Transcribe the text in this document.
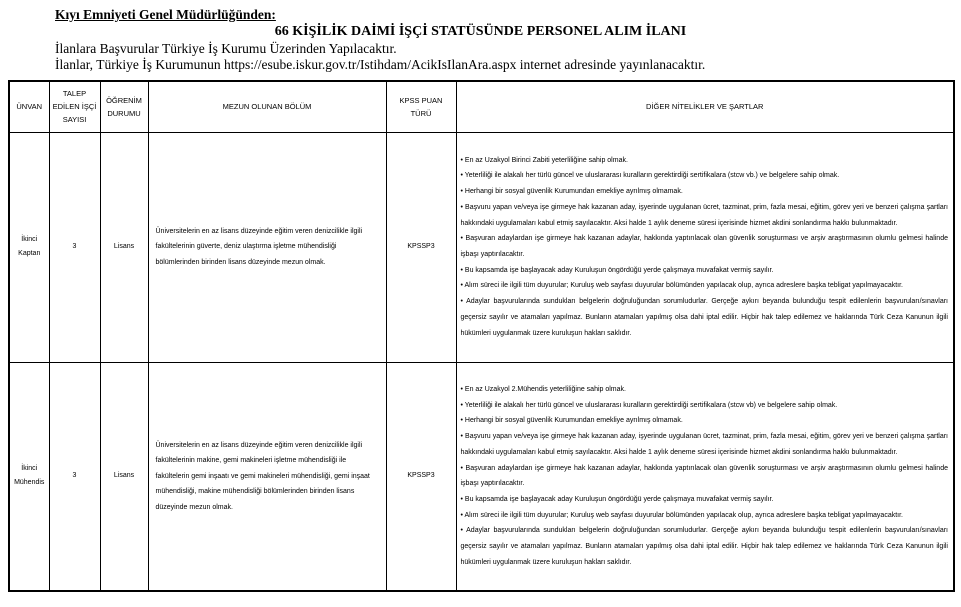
Kıyı Emniyeti Genel Müdürlüğünden:
66 KİŞİLİK DAİMİ İŞÇİ STATÜSÜNDE PERSONEL ALIM İLANI
İlanlara Başvurular Türkiye İş Kurumu Üzerinden Yapılacaktır.
İlanlar, Türkiye İş Kurumunun https://esube.iskur.gov.tr/Istihdam/AcikIsIlanAra.aspx internet adresinde yayınlanacaktır.
ÜNVAN	TALEP EDİLEN İŞÇİ SAYISI	ÖĞRENİM DURUMU	MEZUN OLUNAN BÖLÜM	KPSS PUAN TÜRÜ	DİĞER NİTELİKLER VE ŞARTLAR
İkinci Kaptan	3	Lisans	Üniversitelerin en az lisans düzeyinde eğitim veren denizcilikle ilgili fakültelerinin güverte, deniz ulaştırma işletme mühendisliği bölümlerinden birinden lisans düzeyinde mezun olmak.	KPSSP3	
• En az Uzakyol Birinci Zabiti yeterliliğine sahip olmak.
• Yeterliliği ile alakalı her türlü güncel ve uluslararası kuralların gerektirdiği sertifikalara (stcw vb.) ve belgelere sahip olmak.
• Herhangi bir sosyal güvenlik Kurumundan emekliye ayrılmış olmamak.
• Başvuru yapan ve/veya işe girmeye hak kazanan aday, işyerinde uygulanan ücret, tazminat, prim, fazla mesai, eğitim, görev yeri ve benzeri çalışma şartları hakkındaki uygulamaları kabul etmiş sayılacaktır. Aksi halde 1 aylık deneme süresi içerisinde hizmet akdini sonlandırma hakkı bulunmaktadır.
• Başvuran adaylardan işe girmeye hak kazanan adaylar, hakkında yaptırılacak olan güvenlik soruşturması ve arşiv araştırmasının olumlu gelmesi halinde işbaşı yaptırılacaktır.
• Bu kapsamda işe başlayacak aday Kuruluşun öngördüğü yerde çalışmaya muvafakat vermiş sayılır.
• Alım süreci ile ilgili tüm duyurular; Kuruluş web sayfası duyurular bölümünden yapılacak olup, ayrıca adreslere başka tebligat yapılmayacaktır.
• Adaylar başvurularında sundukları belgelerin doğruluğundan sorumludurlar. Gerçeğe aykırı beyanda bulunduğu tespit edilenlerin başvuruları/sınavları geçersiz sayılır ve atamaları yapılmaz. Bunların atamaları yapılmış olsa dahi iptal edilir. Hiçbir hak talep edilemez ve haklarında Türk Ceza Kanunun ilgili hükümleri uygulanmak üzere kuruluşun hakları saklıdır.

İkinci Mühendis	3	Lisans	Üniversitelerin en az lisans düzeyinde eğitim veren denizcilikle ilgili fakültelerinin makine, gemi makineleri işletme mühendisliği ile fakültelerin gemi inşaatı ve gemi makineleri mühendisliği, gemi inşaat mühendisliği, makine mühendisliği bölümlerinden birinden lisans düzeyinde mezun olmak.	KPSSP3	
• En az Uzakyol 2.Mühendis yeterliliğine sahip olmak.
• Yeterliliği ile alakalı her türlü güncel ve uluslararası kuralların gerektirdiği sertifikalara (stcw vb) ve belgelere sahip olmak.
• Herhangi bir sosyal güvenlik Kurumundan emekliye ayrılmış olmamak.
• Başvuru yapan ve/veya işe girmeye hak kazanan aday, işyerinde uygulanan ücret, tazminat, prim, fazla mesai, eğitim, görev yeri ve benzeri çalışma şartları hakkındaki uygulamaları kabul etmiş sayılacaktır. Aksi halde 1 aylık deneme süresi içerisinde hizmet akdini sonlandırma hakkı bulunmaktadır.
• Başvuran adaylardan işe girmeye hak kazanan adaylar, hakkında yaptırılacak olan güvenlik soruşturması ve arşiv araştırmasının olumlu gelmesi halinde işbaşı yaptırılacaktır.
• Bu kapsamda işe başlayacak aday Kuruluşun öngördüğü yerde çalışmaya muvafakat vermiş sayılır.
• Alım süreci ile ilgili tüm duyurular; Kuruluş web sayfası duyurular bölümünden yapılacak olup, ayrıca adreslere başka tebligat yapılmayacaktır.
• Adaylar başvurularında sundukları belgelerin doğruluğundan sorumludurlar. Gerçeğe aykırı beyanda bulunduğu tespit edilenlerin başvuruları/sınavları geçersiz sayılır ve atamaları yapılmaz. Bunların atamaları yapılmış olsa dahi iptal edilir. Hiçbir hak talep edilemez ve haklarında Türk Ceza Kanunun ilgili hükümleri uygulanmak üzere kuruluşun hakları saklıdır.
